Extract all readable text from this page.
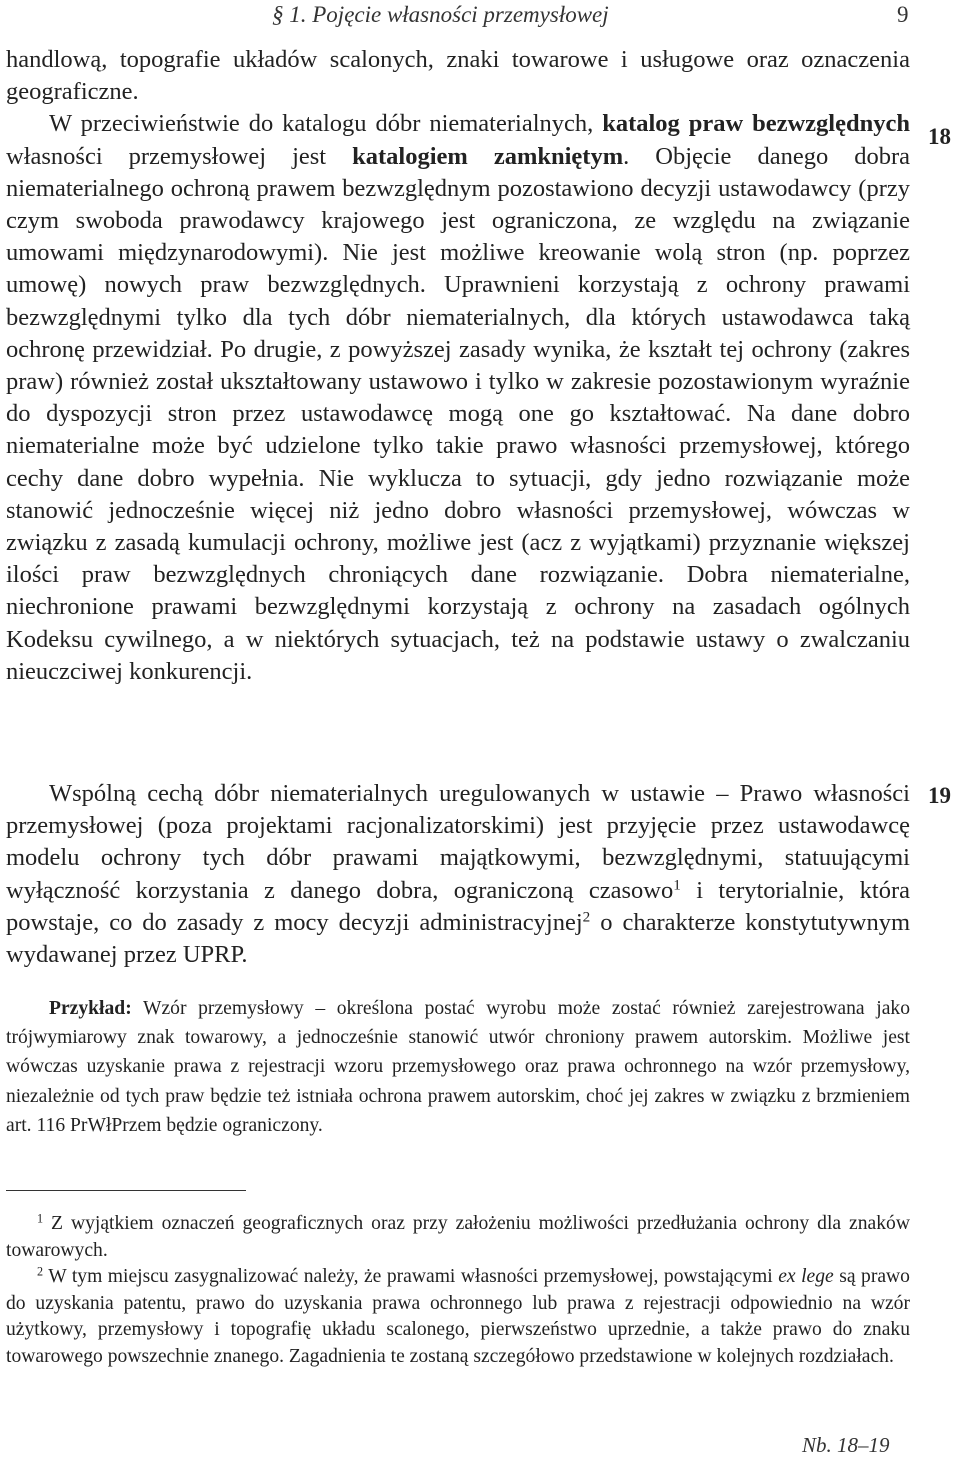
§ 1. Pojęcie własności przemysłowej	9

handlową, topografie układów scalonych, znaki towarowe i usługowe oraz oznaczenia geograficzne.

W przeciwieństwie do katalogu dóbr niematerialnych, katalog praw bezwzględnych własności przemysłowej jest katalogiem zamkniętym. Objęcie danego dobra niematerialnego ochroną prawem bezwzględnym pozostawiono decyzji ustawodawcy (przy czym swoboda prawodawcy krajowego jest ograniczona, ze względu na związanie umowami międzynarodowymi). Nie jest możliwe kreowanie wolą stron (np. poprzez umowę) nowych praw bezwzględnych. Uprawnieni korzystają z ochrony prawami bezwzględnymi tylko dla tych dóbr niematerialnych, dla których ustawodawca taką ochronę przewidział. Po drugie, z powyższej zasady wynika, że kształt tej ochrony (zakres praw) również został ukształtowany ustawowo i tylko w zakresie pozostawionym wyraźnie do dyspozycji stron przez ustawodawcę mogą one go kształtować. Na dane dobro niematerialne może być udzielone tylko takie prawo własności przemysłowej, którego cechy dane dobro wypełnia. Nie wyklucza to sytuacji, gdy jedno rozwiązanie może stanowić jednocześnie więcej niż jedno dobro własności przemysłowej, wówczas w związku z zasadą kumulacji ochrony, możliwe jest (acz z wyjątkami) przyznanie większej ilości praw bezwzględnych chroniących dane rozwiązanie. Dobra niematerialne, niechronione prawami bezwzględnymi korzystają z ochrony na zasadach ogólnych Kodeksu cywilnego, a w niektórych sytuacjach, też na podstawie ustawy o zwalczaniu nieuczciwej konkurencji.

18

Wspólną cechą dóbr niematerialnych uregulowanych w ustawie – Prawo własności przemysłowej (poza projektami racjonalizatorskimi) jest przyjęcie przez ustawodawcę modelu ochrony tych dóbr prawami majątkowymi, bezwzględnymi, statuującymi wyłączność korzystania z danego dobra, ograniczoną czasowo$^1$ i terytorialnie, która powstaje, co do zasady z mocy decyzji administracyjnej$^2$ o charakterze konstytutywnym wydawanej przez UPRP.

19

Przykład: Wzór przemysłowy – określona postać wyrobu może zostać również zarejestrowana jako trójwymiarowy znak towarowy, a jednocześnie stanowić utwór chroniony prawem autorskim. Możliwe jest wówczas uzyskanie prawa z rejestracji wzoru przemysłowego oraz prawa ochronnego na wzór przemysłowy, niezależnie od tych praw będzie też istniała ochrona prawem autorskim, choć jej zakres w związku z brzmieniem art. 116 PrWłPrzem będzie ograniczony.

$^1$ Z wyjątkiem oznaczeń geograficznych oraz przy założeniu możliwości przedłużania ochrony dla znaków towarowych.

$^2$ W tym miejscu zasygnalizować należy, że prawami własności przemysłowej, powstającymi ex lege są prawo do uzyskania patentu, prawo do uzyskania prawa ochronnego lub prawa z rejestracji odpowiednio na wzór użytkowy, przemysłowy i topografię układu scalonego, pierwszeństwo uprzednie, a także prawo do znaku towarowego powszechnie znanego. Zagadnienia te zostaną szczegółowo przedstawione w kolejnych rozdziałach.

Nb. 18–19
